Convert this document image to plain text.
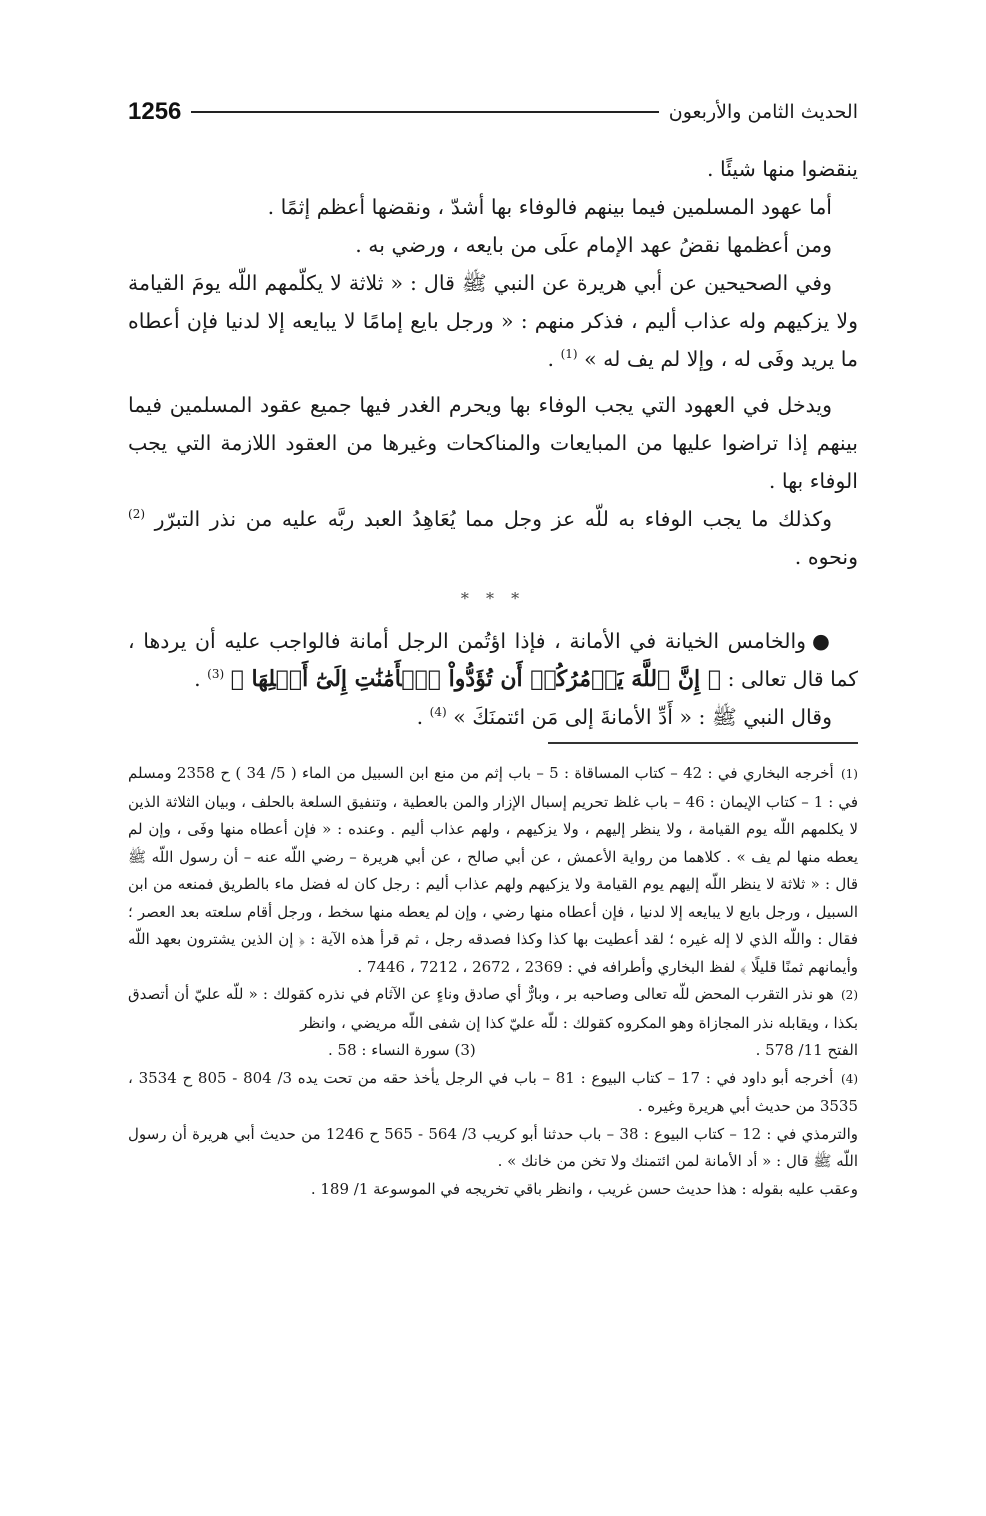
1256	الحديث الثامن والأربعون

ينقضوا منها شيئًا .

أما عهود المسلمين فيما بينهم فالوفاء بها أشدّ ، ونقضها أعظم إثمًا .

ومن أعظمها نقضُ عهد الإمام علَى من بايعه ، ورضي به .

وفي الصحيحين عن أبي هريرة عن النبي ﷺ قال : « ثلاثة لا يكلّمهم اللّه يومَ القيامة ولا يزكيهم وله عذاب أليم ، فذكر منهم : « ورجل بايع إمامًا لا يبايعه إلا لدنيا فإن أعطاه ما يريد وفَى له ، وإلا لم يف له » $^{(1)}$ .

ويدخل في العهود التي يجب الوفاء بها ويحرم الغدر فيها جميع عقود المسلمين فيما بينهم إذا تراضوا عليها من المبايعات والمناكحات وغيرها من العقود اللازمة التي يجب الوفاء بها .

وكذلك ما يجب الوفاء به للّه عز وجل مما يُعَاهِدُ العبد ربَّه عليه من نذر التبرّر $^{(2)}$ ونحوه .

* * *

●والخامس الخيانة في الأمانة ، فإذا اؤتُمن الرجل أمانة فالواجب عليه أن يردها ، كما قال تعالى : ﴿ إِنَّ ٱللَّهَ يَأۡمُرُكُمۡ أَن تُؤَدُّواْ ٱلۡأَمَٰنَٰتِ إِلَىٰٓ أَهۡلِهَا ﴾ $^{(3)}$ .

وقال النبي ﷺ : « أَدِّ الأمانةَ إلى مَن ائتمنَكَ » $^{(4)}$ .

(1) أخرجه البخاري في : 42 – كتاب المساقاة : 5 – باب إثم من منع ابن السبيل من الماء ( 5/ 34 ) ح 2358 ومسلم في : 1 – كتاب الإيمان : 46 – باب غلظ تحريم إسبال الإزار والمن بالعطية ، وتنفيق السلعة بالحلف ، وبيان الثلاثة الذين لا يكلمهم اللّه يوم القيامة ، ولا ينظر إليهم ، ولا يزكيهم ، ولهم عذاب أليم . وعنده : « فإن أعطاه منها وفَى ، وإن لم يعطه منها لم يف » . كلاهما من رواية الأعمش ، عن أبي صالح ، عن أبي هريرة – رضي اللّه عنه – أن رسول اللّه ﷺ قال : « ثلاثة لا ينظر اللّه إليهم يوم القيامة ولا يزكيهم ولهم عذاب أليم : رجل كان له فضل ماء بالطريق فمنعه من ابن السبيل ، ورجل بايع لا يبايعه إلا لدنيا ، فإن أعطاه منها رضي ، وإن لم يعطه منها سخط ، ورجل أقام سلعته بعد العصر ؛ فقال : واللّه الذي لا إله غيره ؛ لقد أعطيت بها كذا وكذا فصدقه رجل ، ثم قرأ هذه الآية : ﴿ إن الذين يشترون بعهد اللّه وأيمانهم ثمنًا قليلًا ﴾ لفظ البخاري وأطرافه في : 2369 ، 2672 ، 7212 ، 7446 .

(2) هو نذر التقرب المحض للّه تعالى وصاحبه بر ، وبارٌّ أي صادق وناءٍ عن الآثام في نذره كقولك : « للّه عليّ أن أتصدق بكذا ، ويقابله نذر المجازاة وهو المكروه كقولك : للّه عليّ كذا إن شفى اللّه مريضي ، وانظر

الفتح 11/ 578 .
(3) سورة النساء : 58 .

(4) أخرجه أبو داود في : 17 – كتاب البيوع : 81 – باب في الرجل يأخذ حقه من تحت يده 3/ 804 - 805 ح 3534 ، 3535 من حديث أبي هريرة وغيره .

والترمذي في : 12 – كتاب البيوع : 38 – باب حدثنا أبو كريب 3/ 564 - 565 ح 1246 من حديث أبي هريرة أن رسول اللّه ﷺ قال : « أد الأمانة لمن ائتمنك ولا تخن من خانك » .

وعقب عليه بقوله : هذا حديث حسن غريب ، وانظر باقي تخريجه في الموسوعة 1/ 189 .
